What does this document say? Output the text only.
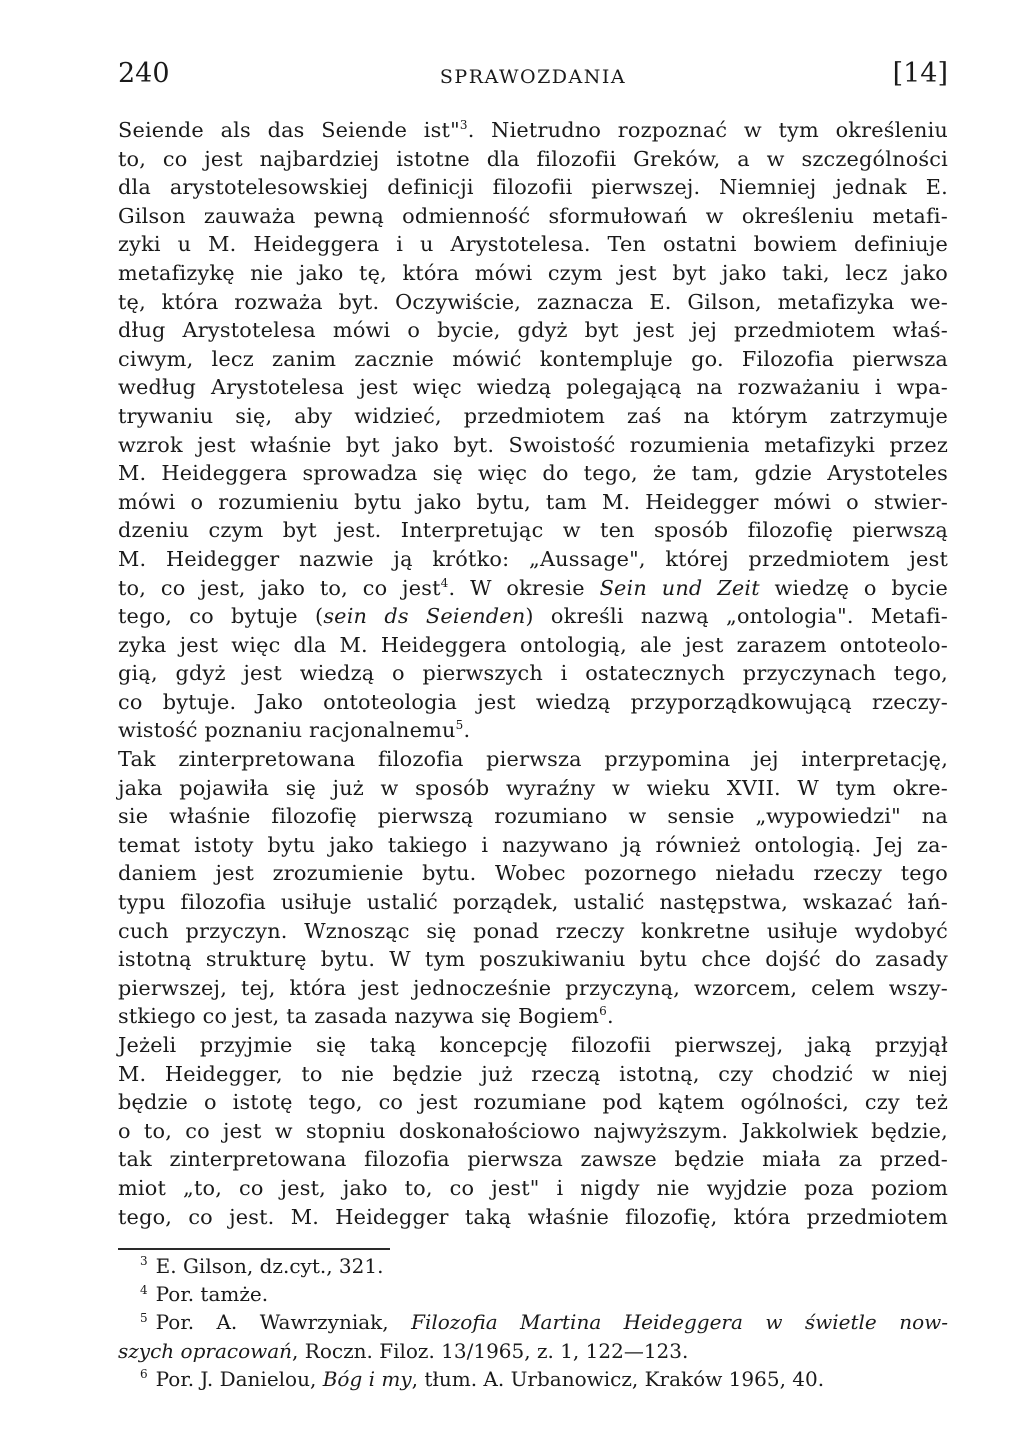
240	SPRAWOZDANIA	[14]
Seiende als das Seiende ist"$^3$. Nietrudno rozpoznać w tym określeniu
to, co jest najbardziej istotne dla filozofii Greków, a w szczególności
dla arystotelesowskiej definicji filozofii pierwszej. Niemniej jednak E.
Gilson zauważa pewną odmienność sformułowań w określeniu metafi-
zyki u M. Heideggera i u Arystotelesa. Ten ostatni bowiem definiuje
metafizykę nie jako tę, która mówi czym jest byt jako taki, lecz jako
tę, która rozważa byt. Oczywiście, zaznacza E. Gilson, metafizyka we-
dług Arystotelesa mówi o bycie, gdyż byt jest jej przedmiotem właś-
ciwym, lecz zanim zacznie mówić kontempluje go. Filozofia pierwsza
według Arystotelesa jest więc wiedzą polegającą na rozważaniu i wpa-
trywaniu się, aby widzieć, przedmiotem zaś na którym zatrzymuje
wzrok jest właśnie byt jako byt. Swoistość rozumienia metafizyki przez
M. Heideggera sprowadza się więc do tego, że tam, gdzie Arystoteles
mówi o rozumieniu bytu jako bytu, tam M. Heidegger mówi o stwier-
dzeniu czym byt jest. Interpretując w ten sposób filozofię pierwszą
M. Heidegger nazwie ją krótko: „Aussage", której przedmiotem jest
to, co jest, jako to, co jest$^4$. W okresie Sein und Zeit wiedzę o bycie
tego, co bytuje (sein ds Seienden) określi nazwą „ontologia". Metafi-
zyka jest więc dla M. Heideggera ontologią, ale jest zarazem ontoteolo-
gią, gdyż jest wiedzą o pierwszych i ostatecznych przyczynach tego,
co bytuje. Jako ontoteologia jest wiedzą przyporządkowującą rzeczy-
wistość poznaniu racjonalnemu$^5$.
Tak zinterpretowana filozofia pierwsza przypomina jej interpretację,
jaka pojawiła się już w sposób wyraźny w wieku XVII. W tym okre-
sie właśnie filozofię pierwszą rozumiano w sensie „wypowiedzi" na
temat istoty bytu jako takiego i nazywano ją również ontologią. Jej za-
daniem jest zrozumienie bytu. Wobec pozornego nieładu rzeczy tego
typu filozofia usiłuje ustalić porządek, ustalić następstwa, wskazać łań-
cuch przyczyn. Wznosząc się ponad rzeczy konkretne usiłuje wydobyć
istotną strukturę bytu. W tym poszukiwaniu bytu chce dojść do zasady
pierwszej, tej, która jest jednocześnie przyczyną, wzorcem, celem wszy-
stkiego co jest, ta zasada nazywa się Bogiem$^6$.
Jeżeli przyjmie się taką koncepcję filozofii pierwszej, jaką przyjął
M. Heidegger, to nie będzie już rzeczą istotną, czy chodzić w niej
będzie o istotę tego, co jest rozumiane pod kątem ogólności, czy też
o to, co jest w stopniu doskonałościowo najwyższym. Jakkolwiek będzie,
tak zinterpretowana filozofia pierwsza zawsze będzie miała za przed-
miot „to, co jest, jako to, co jest" i nigdy nie wyjdzie poza poziom
tego, co jest. M. Heidegger taką właśnie filozofię, która przedmiotem
$^3$ E. Gilson, dz.cyt., 321.
$^4$ Por. tamże.
$^5$ Por. A. Wawrzyniak, Filozofia Martina Heideggera w świetle now-
szych opracowań, Roczn. Filoz. 13/1965, z. 1, 122—123.
$^6$ Por. J. Danielou, Bóg i my, tłum. A. Urbanowicz, Kraków 1965, 40.
